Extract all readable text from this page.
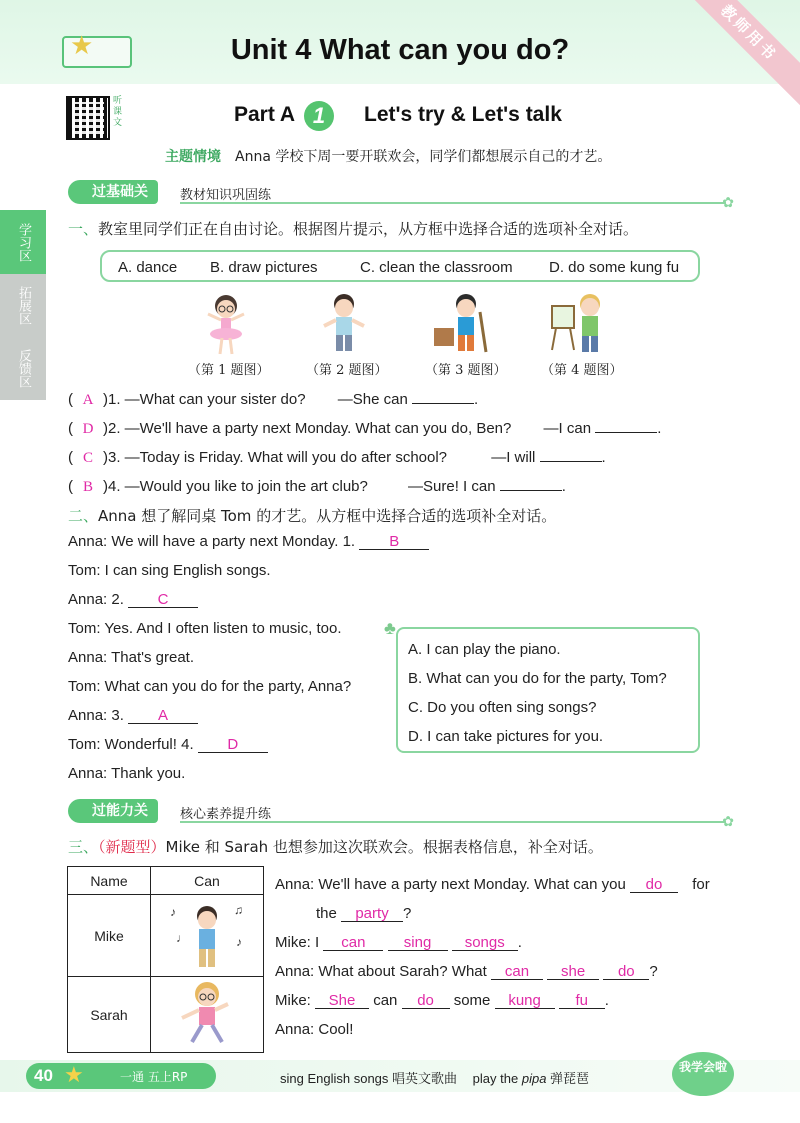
★	Unit 4 What can you do?	教师用书
听课文	Part A 1	Let's try & Let's talk
主题情境 Anna 学校下周一要开联欢会，同学们都想展示自己的才艺。
学习区
拓展区
反馈区
过基础关	教材知识巩固练	✿
一、教室里同学们正在自由讨论。根据图片提示，从方框中选择合适的选项补全对话。
A. dance B. draw pictures	C. clean the classroom D. do some kung fu
（第 1 题图）	（第 2 题图）	（第 3 题图）	（第 4 题图）
( A )1. —What can your sister do? —She can	.
( D )2. —We'll have a party next Monday. What can you do, Ben? —I can	.
( C )3. —Today is Friday. What will you do after school?	—I will	.
( B )4. —Would you like to join the art club?	—Sure! I can	.
二、Anna 想了解同桌 Tom 的才艺。从方框中选择合适的选项补全对话。
Anna: We will have a party next Monday. 1. B
Tom: I can sing English songs.
Anna: 2. C
Tom: Yes. And I often listen to music, too.
Anna: That's great.
Tom: What can you do for the party, Anna?
Anna: 3. A
Tom: Wonderful! 4. D
Anna: Thank you.
♣
A. I can play the piano.
B. What can you do for the party, Tom?
C. Do you often sing songs?
D. I can take pictures for you.
过能力关	核心素养提升练	✿
三、（新题型）Mike 和 Sarah 也想参加这次联欢会。根据表格信息，补全对话。
Name	Can
Mike	♪ ♫
♩ ♪

Sarah	
Anna: We'll have a party next Monday. What can you do for
the party ?
Mike: I can	sing songs .
Anna: What about Sarah? What can she do ?
Mike: She can do some kung fu .
Anna: Cool!
40 ★	一通 五上RP	sing English songs 唱英文歌曲 play the pipa 弹琵琶
我学会啦
